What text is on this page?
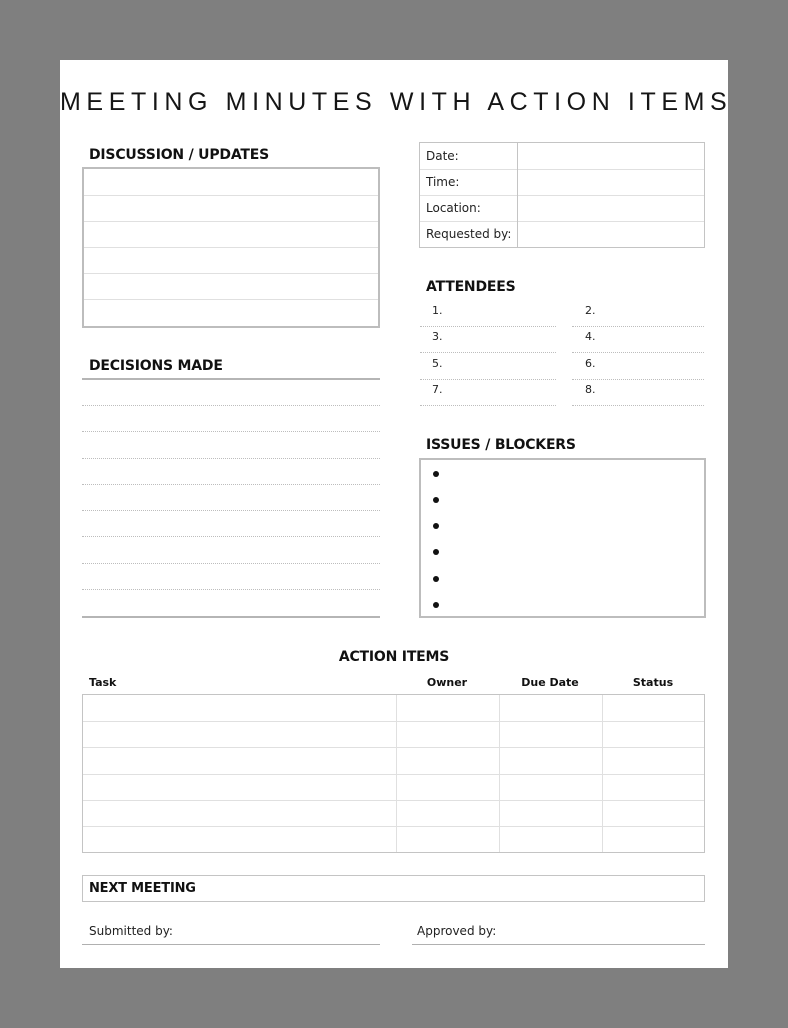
MEETING MINUTES WITH ACTION ITEMS
DISCUSSION / UPDATES	Date:
Time:
Location:
Requested by:
ATTENDEES
1.	2.
3.	4.
5.	6.
7.	8.
DECISIONS MADE
ISSUES / BLOCKERS
ACTION ITEMS
Task	Owner	Due Date	Status
NEXT MEETING
Submitted by:	Approved by:
